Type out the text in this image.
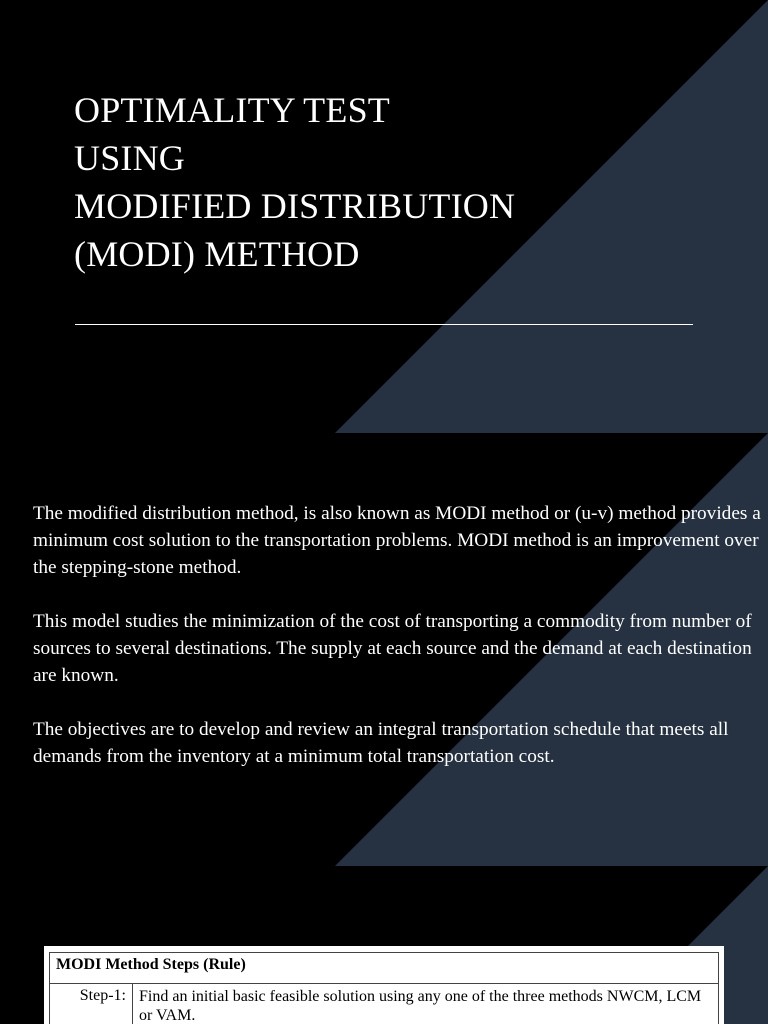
OPTIMALITY TEST
USING
MODIFIED DISTRIBUTION
(MODI) METHOD

The modified distribution method, is also known as MODI method or (u-v) method provides a minimum cost solution to the transportation problems. MODI method is an improvement over the stepping-stone method.

This model studies the minimization of the cost of transporting a commodity from number of sources to several destinations. The supply at each source and the demand at each destination are known.

The objectives are to develop and review an integral transportation schedule that meets all demands from the inventory at a minimum total transportation cost.

MODI Method Steps (Rule)
Step-1:	Find an initial basic feasible solution using any one of the three methods NWCM, LCM or VAM.
